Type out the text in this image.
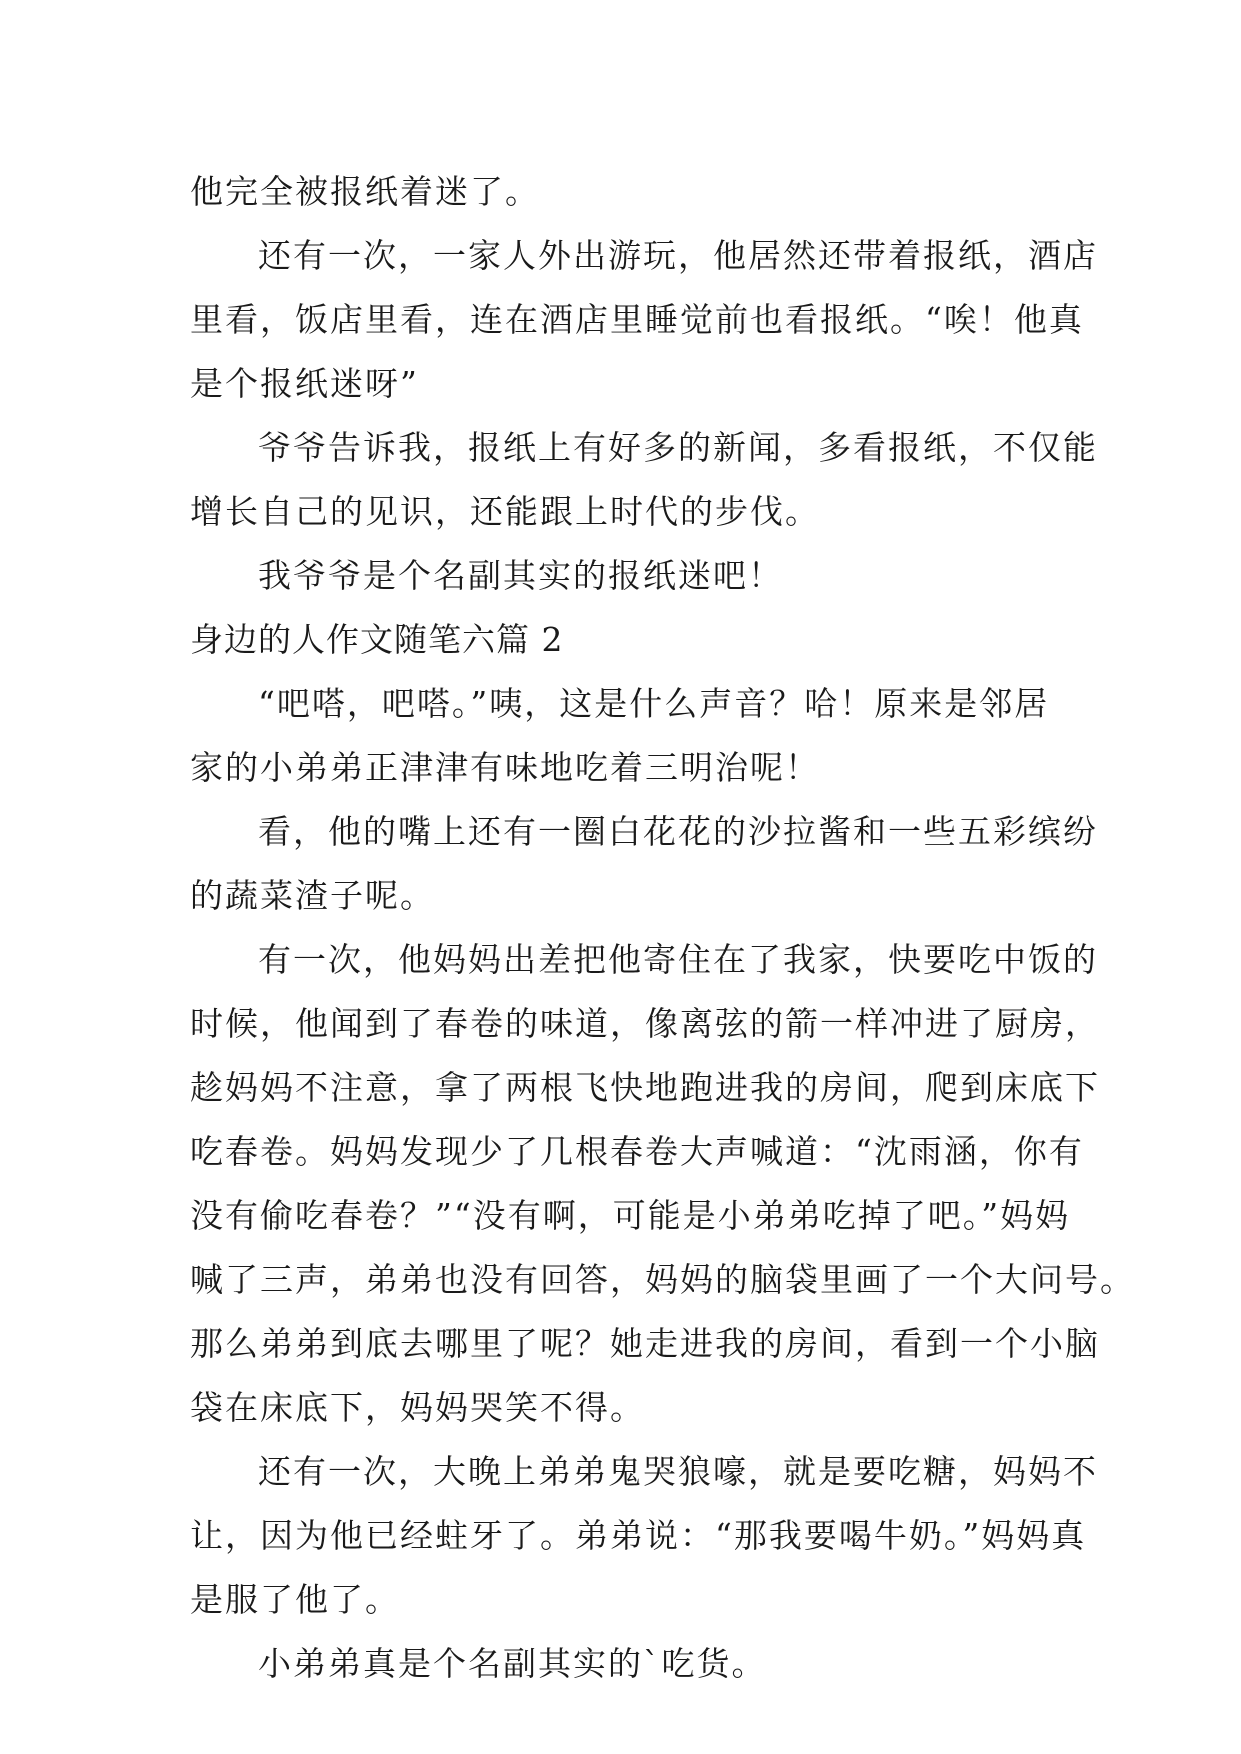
他完全被报纸着迷了。
还有一次，一家人外出游玩，他居然还带着报纸，酒店
里看，饭店里看，连在酒店里睡觉前也看报纸。“唉！他真
是个报纸迷呀”
爷爷告诉我，报纸上有好多的新闻，多看报纸，不仅能
增长自己的见识，还能跟上时代的步伐。
我爷爷是个名副其实的报纸迷吧！
身边的人作文随笔六篇 2
“吧嗒，吧嗒。”咦，这是什么声音？哈！原来是邻居
家的小弟弟正津津有味地吃着三明治呢！
看，他的嘴上还有一圈白花花的沙拉酱和一些五彩缤纷
的蔬菜渣子呢。
有一次，他妈妈出差把他寄住在了我家，快要吃中饭的
时候，他闻到了春卷的味道，像离弦的箭一样冲进了厨房，
趁妈妈不注意，拿了两根飞快地跑进我的房间，爬到床底下
吃春卷。妈妈发现少了几根春卷大声喊道：“沈雨涵，你有
没有偷吃春卷？”“没有啊，可能是小弟弟吃掉了吧。”妈妈
喊了三声，弟弟也没有回答，妈妈的脑袋里画了一个大问号。
那么弟弟到底去哪里了呢？她走进我的房间，看到一个小脑
袋在床底下，妈妈哭笑不得。
还有一次，大晚上弟弟鬼哭狼嚎，就是要吃糖，妈妈不
让，因为他已经蛀牙了。弟弟说：“那我要喝牛奶。”妈妈真
是服了他了。
小弟弟真是个名副其实的`吃货。
